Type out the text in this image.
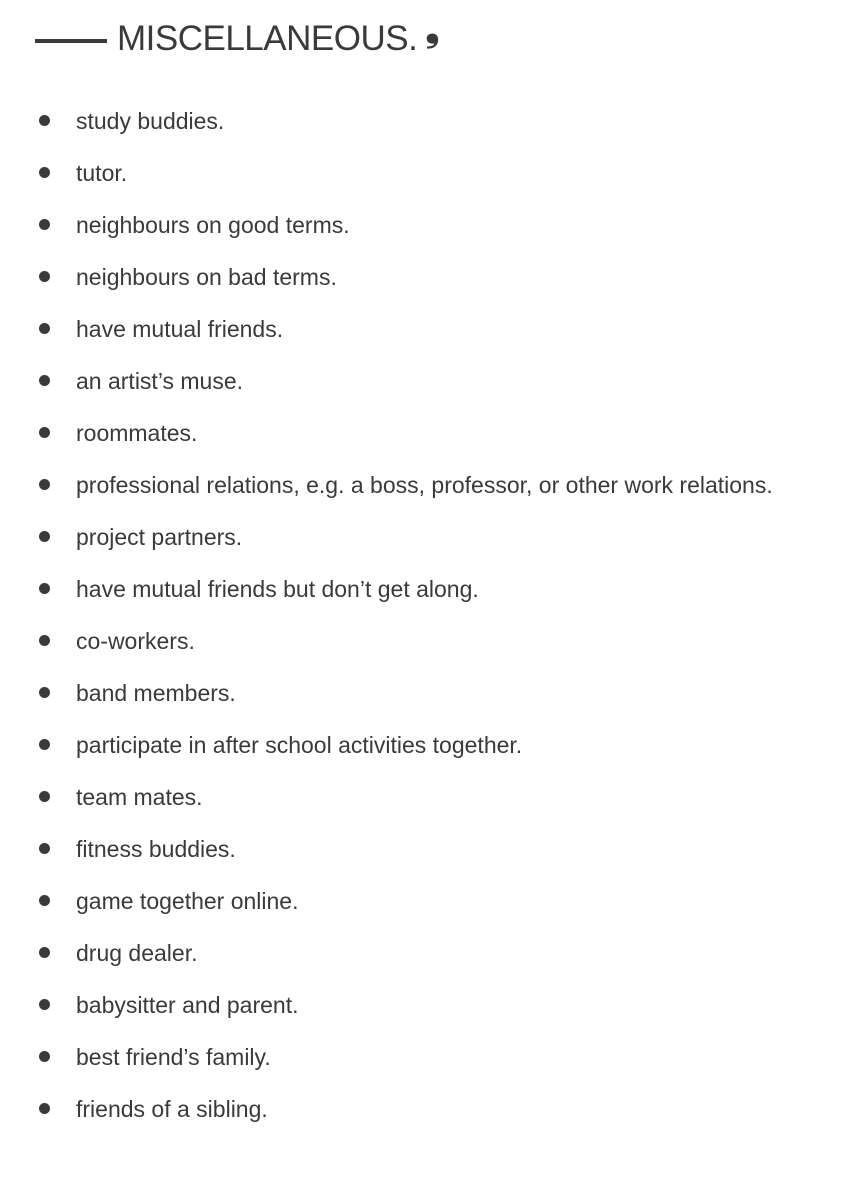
MISCELLANEOUS. ❟
study buddies.
tutor.
neighbours on good terms.
neighbours on bad terms.
have mutual friends.
an artist’s muse.
roommates.
professional relations, e.g. a boss, professor, or other work relations.
project partners.
have mutual friends but don’t get along.
co-workers.
band members.
participate in after school activities together.
team mates.
fitness buddies.
game together online.
drug dealer.
babysitter and parent.
best friend’s family.
friends of a sibling.
